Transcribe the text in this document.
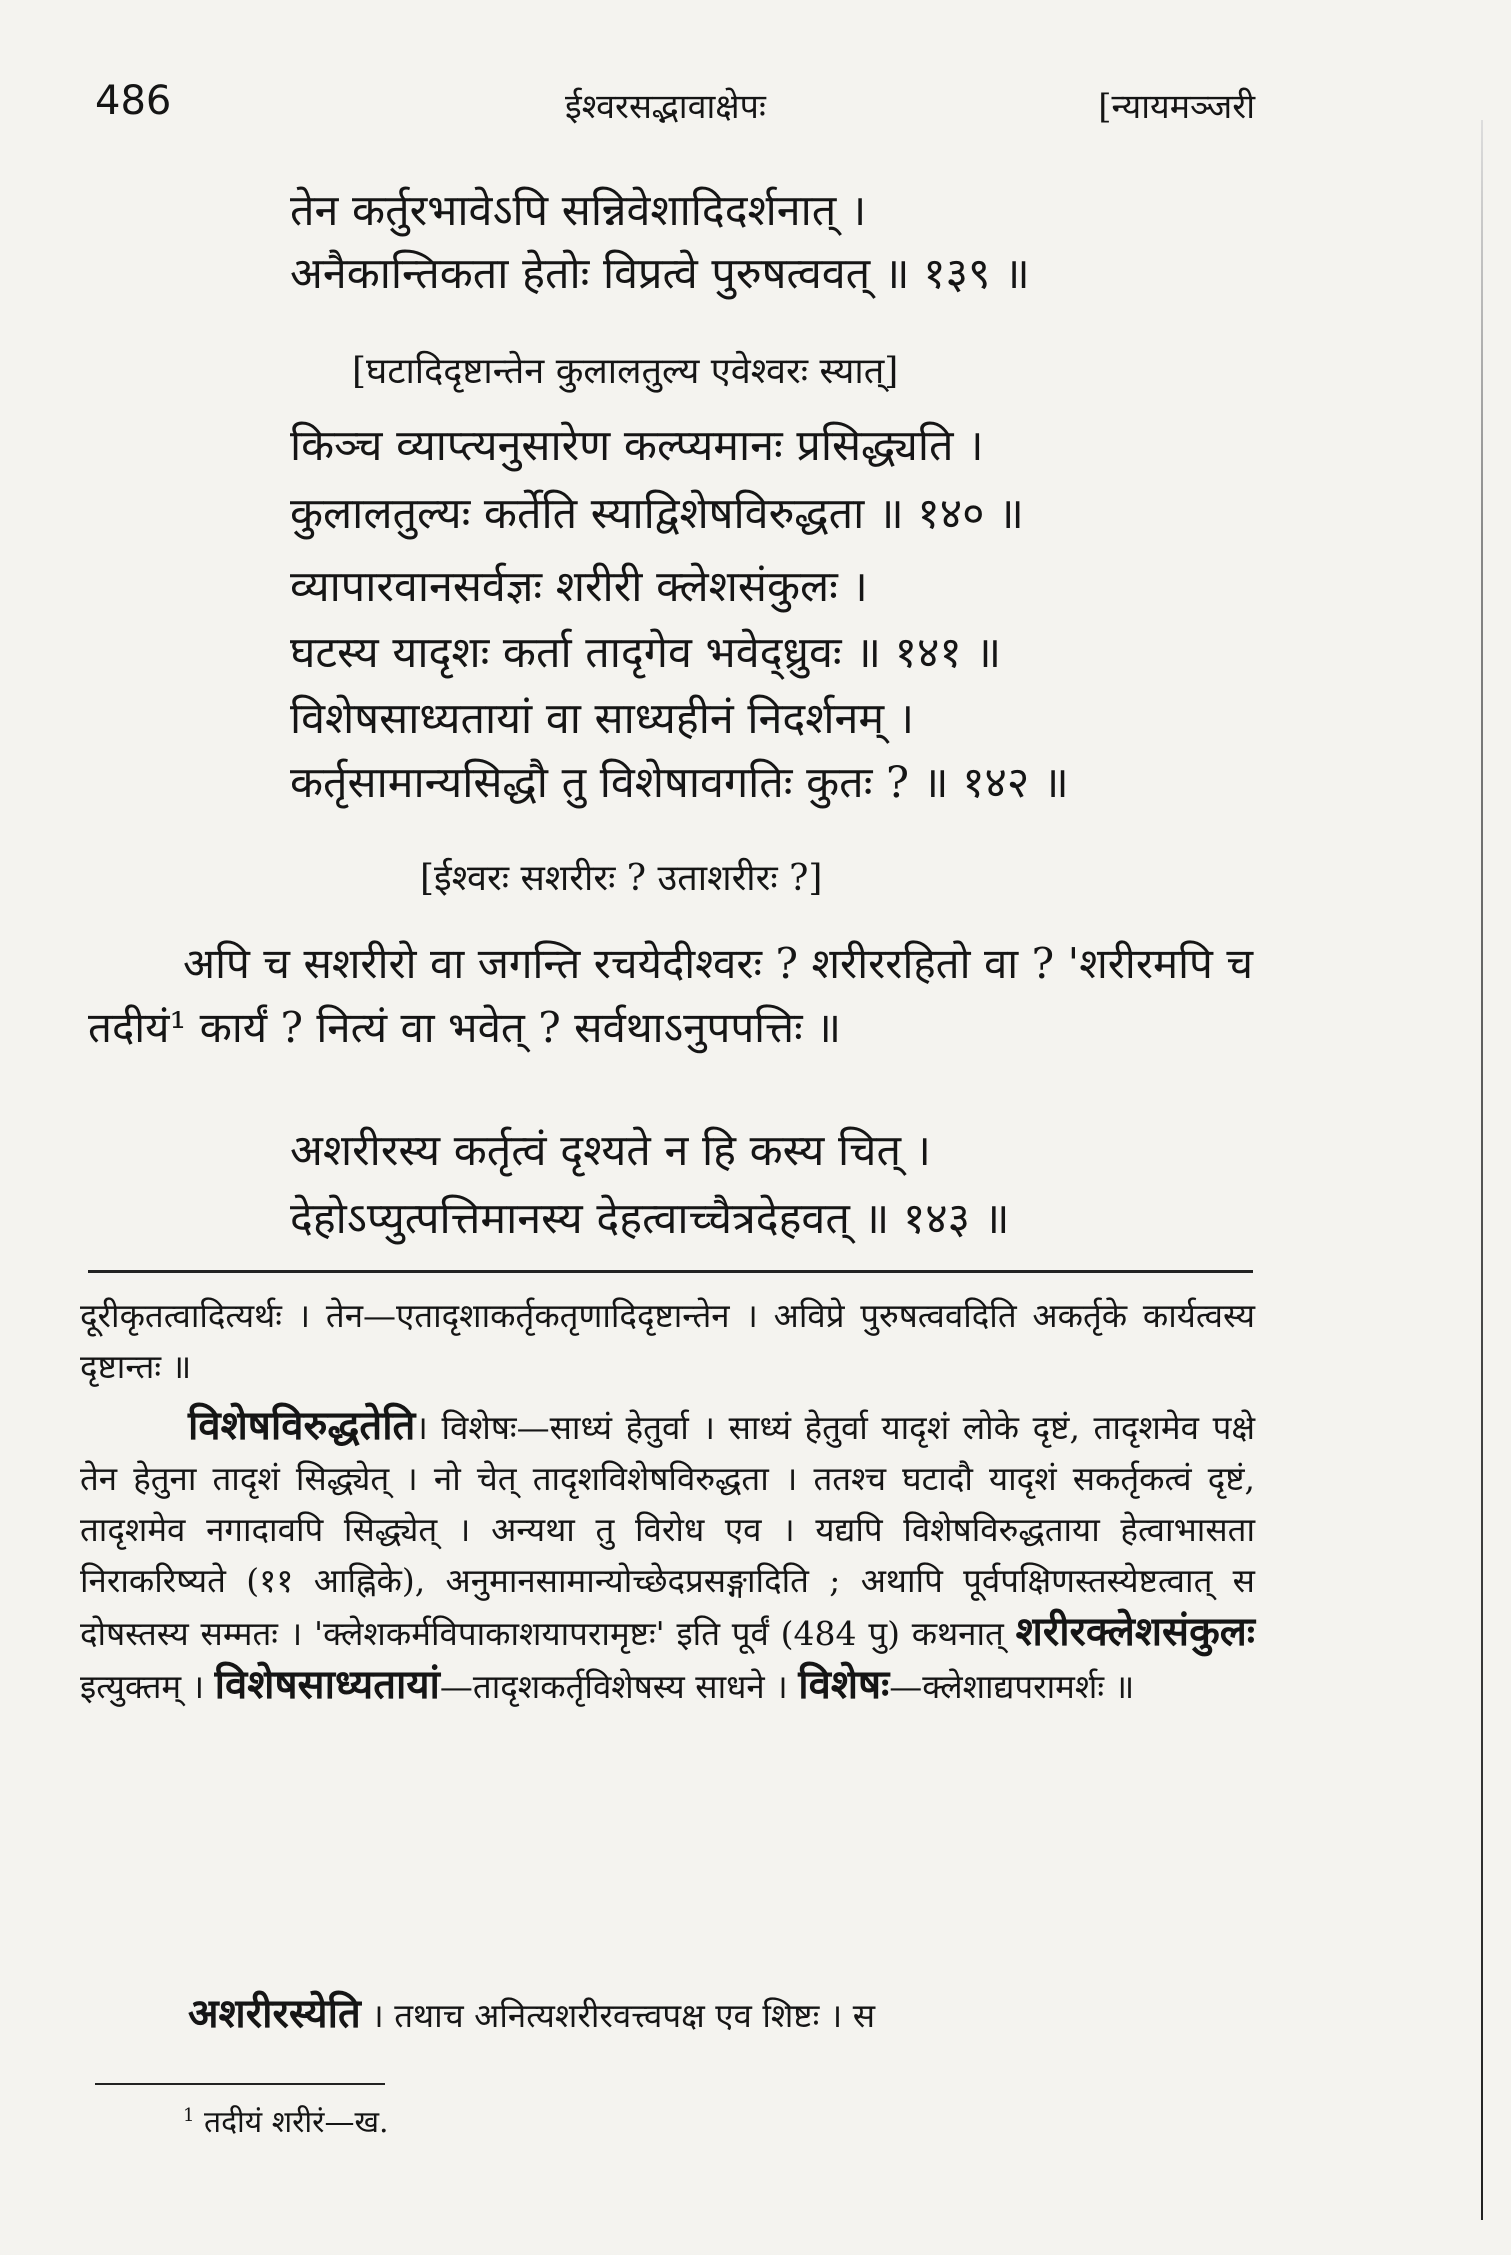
486	ईश्वरसद्भावाक्षेपः	[न्यायमञ्जरी
तेन कर्तुरभावेऽपि सन्निवेशादिदर्शनात् ।
अनैकान्तिकता हेतोः विप्रत्वे पुरुषत्ववत् ॥ १३९ ॥
[घटादिदृष्टान्तेन कुलालतुल्य एवेश्वरः स्यात्]
किञ्च व्याप्त्यनुसारेण कल्प्यमानः प्रसिद्ध्यति ।
कुलालतुल्यः कर्तेति स्याद्विशेषविरुद्धता ॥ १४० ॥
व्यापारवानसर्वज्ञः शरीरी क्लेशसंकुलः ।
घटस्य यादृशः कर्ता तादृगेव भवेद्ध्रुवः ॥ १४१ ॥
विशेषसाध्यतायां वा साध्यहीनं निदर्शनम् ।
कर्तृसामान्यसिद्धौ तु विशेषावगतिः कुतः ? ॥ १४२ ॥
[ईश्वरः सशरीरः ? उताशरीरः ?]
अपि च सशरीरो वा जगन्ति रचयेदीश्वरः ? शरीररहितो वा ? 'शरीरमपि च तदीयं¹ कार्यं ? नित्यं वा भवेत् ? सर्वथाऽनुपपत्तिः ॥
अशरीरस्य कर्तृत्वं दृश्यते न हि कस्य चित् ।
देहोऽप्युत्पत्तिमानस्य देहत्वाच्चैत्रदेहवत् ॥ १४३ ॥
दूरीकृतत्वादित्यर्थः । तेन—एतादृशाकर्तृकतृणादिदृष्टान्तेन । अविप्रे पुरुषत्ववदिति अकर्तृके कार्यत्वस्य दृष्टान्तः ॥
विशेषविरुद्धतेति। विशेषः—साध्यं हेतुर्वा । साध्यं हेतुर्वा यादृशं लोके दृष्टं, तादृशमेव पक्षे तेन हेतुना तादृशं सिद्ध्येत् । नो चेत् तादृशविशेषविरुद्धता । ततश्च घटादौ यादृशं सकर्तृकत्वं दृष्टं, तादृशमेव नगादावपि सिद्ध्येत् । अन्यथा तु विरोध एव । यद्यपि विशेषविरुद्धताया हेत्वाभासता निराकरिष्यते (११ आह्निके), अनुमानसामान्योच्छेदप्रसङ्गादिति ; अथापि पूर्वपक्षिणस्तस्येष्टत्वात् स दोषस्तस्य सम्मतः । 'क्लेशकर्मविपाकाशयापरामृष्टः' इति पूर्वं (484 पु) कथनात् शरीरक्लेशसंकुलः इत्युक्तम् । विशेषसाध्यतायां—तादृशकर्तृविशेषस्य साधने । विशेषः—क्लेशाद्यपरामर्शः ॥
अशरीरस्येति । तथाच अनित्यशरीरवत्त्वपक्ष एव शिष्टः । स
$^1$ तदीयं शरीरं—ख.
